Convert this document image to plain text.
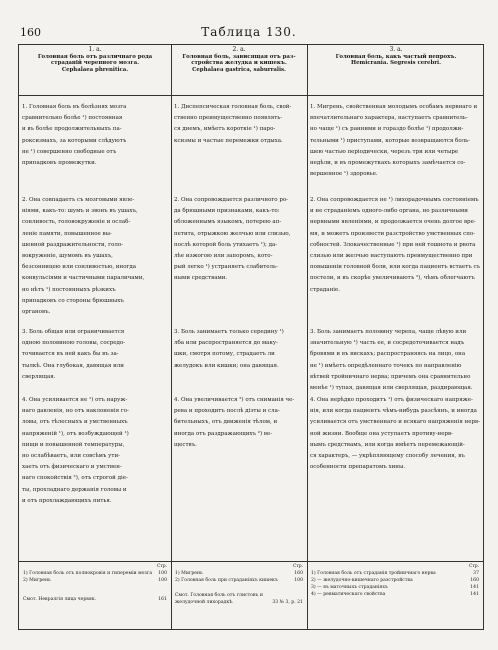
160	Таблица 130.
1. а.
Головная боль отъ различнаго рода
страданій черепного мозга.
Cephalaea phrenitica.
2. а.
Головная боль, зависящая отъ раз-
стройства желудка и кишекъ.
Cephalaea gastrica, saburralis.
3. а.
Головная боль, какъ частый непрохъ.
Hemicrania. Segresis cerebri.
1. Головная боль въ болѣзнях мозга
сравнительно болѣе ¹) постоянная
и въ болѣе продолжительныхъ па-
роксизмахъ, за которыми слѣдуютъ
не ¹) совершенно свободные отъ
припадковъ промежутки.
1. Диспепсическая головная боль, свой-
ственно преимущественно появлять-
ся днемъ, имѣетъ короткіе ¹) паро-
ксизмы и частые перемежки отдыха.
1. Мигрень, свойственная молодымъ особамъ нервнаго и
впечатлительнаго характера, наступаетъ сравнитель-
но чаще ¹) съ ранними и гораздо болѣе ¹) продолжи-
тельными ¹) приступами, которые возвращаются боль-
шею частью періодически, черезъ три или четыре
недѣли, и въ промежуткахъ которыхъ замѣчается со-
вершенное ¹) здоровье.
2. Она совпадаетъ съ мозговыми явле-
ніями, какъ-то: шумъ и звонъ въ ушахъ,
сонливость, головокруженіе и ослаб-
леніе памяти, повышенное вы-
шенной раздражительности, голо-
вокруженіе, шумомъ въ ушахъ,
безсонницею или сонливостью, иногда
конвульсіями и частичными параличами,
но нѣтъ ¹) постоянныхъ рѣзкихъ
припадковъ со стороны брюшныхъ
органовъ.
2. Она сопровождается различного ро-
да брюшными признаками, какъ-то:
обложеннымъ языкомъ, потерею ап-
петита, отрыжкою желчью или слизью,
послѣ которой боль утихаетъ ¹); да-
лѣе изжогою или запоромъ, кото-
рый легко ¹) устраняетъ слабитель-
ными средствами.
2. Она сопровождается не ¹) лихорадочнымъ состояніемъ
и не страданіемъ одного-либо органа, но различными
нервными явленіями, и продолжается очень долгое вре-
мя, и можетъ произвести разстройство умственных спо-
собностей. Злокачественные ¹) при ней тошнота и рвота
слизью или желчью наступаютъ преимущественно при
повышеніи головной боли, или когда пациентъ встаетъ съ
постели, и въ скорѣе увеличиваютъ ²), чѣмъ облегчаютъ
страданіе.
3. Боль общая или ограничивается
одною половиною головы, сосредо-
точивается въ ней какъ бы въ за-
тылкѣ. Она глубокая, давящая или
сверлящая.
3. Боль занимаетъ только середину ¹)
лба или распространяется до маку-
шки, смотря потому, страдаетъ ли
желудокъ или кишки; она давящая.
3. Боль занимаетъ половину черепа, чаще лѣвую или
значительную ¹) часть ее, и сосредоточивается надъ
бровями и въ вискахъ; распространяясь на лицо, она
не ¹) имѣетъ опредѣленнаго точекъ по направленію
вѣтвей тройничнаго нерва; причемъ она сравнительно
менѣе ¹) тупая, давящая или сверлящая, раздирающая.
4. Она усиливается не ¹) отъ наруж-
наго давленія, но отъ наклоненія го-
ловы, отъ тѣлесныхъ и умственныхъ
напряженій ¹), отъ возбуждающей ¹)
пищи и повышенной температуры,
но ослабѣваетъ, или совсѣмъ ути-
хаетъ отъ физическаго и умствен-
наго спокойствія ²), отъ строгой діе-
ты, прохладнаго держанія головы и
и отъ прохлаждающихъ питья.
4. Она увеличивается ²) отъ сниманія че-
рева и проходитъ послѣ діэты и сла-
бительныхъ, отъ движенія тѣлом, и
иногда отъ раздражающихъ ²) ве-
ществъ.
4. Она нерѣдко проходитъ ¹) отъ физическаго напряже-
нія, или когда пациентъ чѣмъ-нибудь разсѣянъ, и иногда
усиливается отъ умственнаго и всякаго напряженія нерв-
ной жизни. Вообще она уступаетъ противу-нерв-
нымъ средствамъ, или когда имѣетъ перемежающій-
ся характеръ, — укрѣпляющему способу лечения, въ
особенности препаратомъ хины.
Стр.
1) Головная боль отъ полнокровія и гиперемiи мозга 100
2) Мигрень	100
Смот. Невралгія лица червяк.	161
Стр.
1) Мигрень	160
2) Головная боль при страданіяхъ кишекъ	100
Смот. Головная боль отъ глистовъ и желудочной лихорадкѣ.	33 № 3, р. 21
Стр.
1) Головная боль отъ страданія тройничнаго нерва	37
2) — желудочно-кишечнаго разстройства	160
3) — въ маточныхъ страданіяхъ	141
4) — ревматическаго свойства	141
